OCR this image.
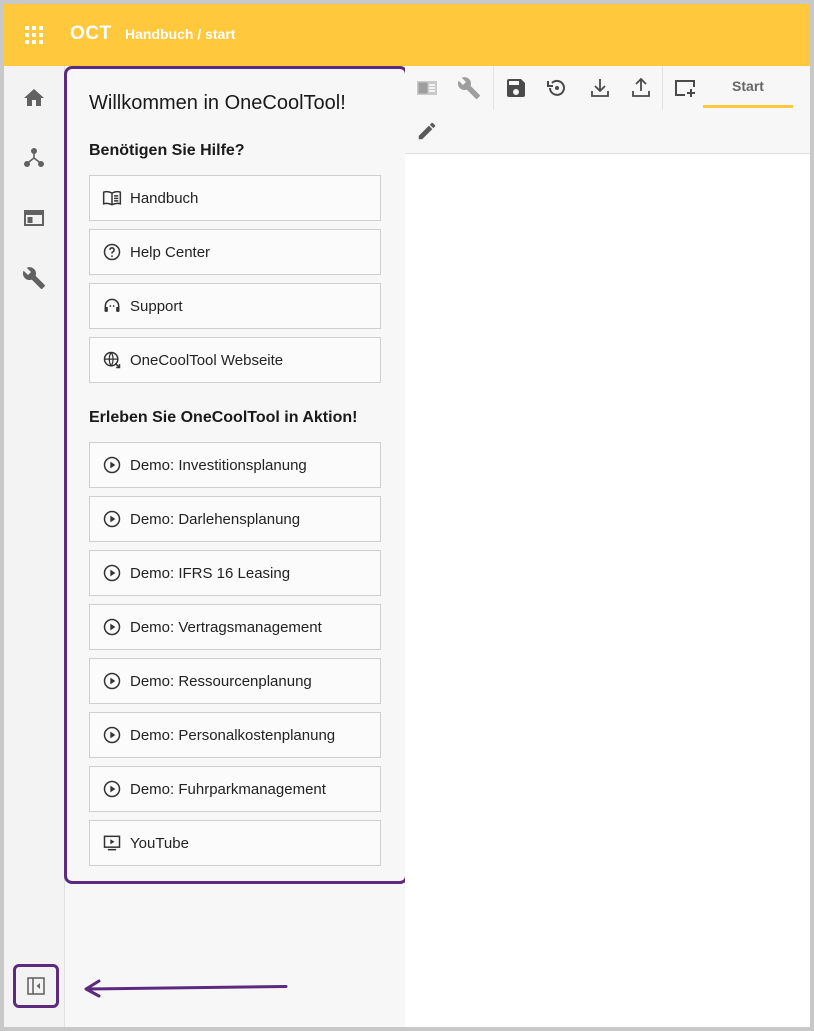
OCT Handbuch / start
Willkommen in OneCoolTool!
Benötigen Sie Hilfe?
Handbuch
Help Center
Support
OneCoolTool Webseite
Erleben Sie OneCoolTool in Aktion!
Demo: Investitionsplanung
Demo: Darlehensplanung
Demo: IFRS 16 Leasing
Demo: Vertragsmanagement
Demo: Ressourcenplanung
Demo: Personalkostenplanung
Demo: Fuhrparkmanagement
YouTube
Start
